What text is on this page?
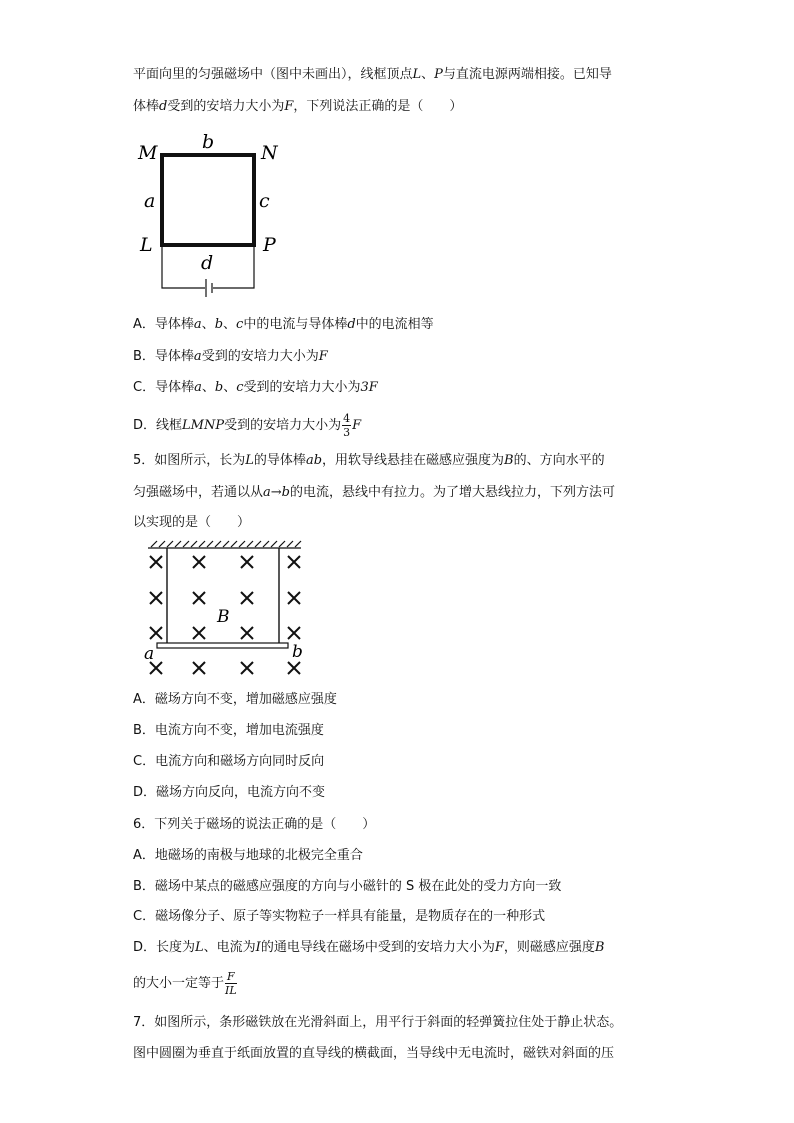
平面向里的匀强磁场中（图中未画出），线框顶点L、P与直流电源两端相接。已知导
体棒d受到的安培力大小为F，下列说法正确的是（　　）
M	N
L	P
b
a	c
d
A．导体棒a、b、c中的电流与导体棒d中的电流相等
B．导体棒a受到的安培力大小为F
C．导体棒a、b、c受到的安培力大小为3F
D．线框LMNP受到的安培力大小为 $\frac{4}{3}$ F
5．如图所示，长为L的导体棒ab，用软导线悬挂在磁感应强度为B的、方向水平的
匀强磁场中，若通以从a→b的电流，悬线中有拉力。为了增大悬线拉力，下列方法可
以实现的是（　　）
B
a	b
A．磁场方向不变，增加磁感应强度
B．电流方向不变，增加电流强度
C．电流方向和磁场方向同时反向
D．磁场方向反向，电流方向不变
6．下列关于磁场的说法正确的是（　　）
A．地磁场的南极与地球的北极完全重合
B．磁场中某点的磁感应强度的方向与小磁针的 S 极在此处的受力方向一致
C．磁场像分子、原子等实物粒子一样具有能量，是物质存在的一种形式
D．长度为L、电流为I的通电导线在磁场中受到的安培力大小为F，则磁感应强度B
的大小一定等于 $\frac{F}{IL}$
7．如图所示，条形磁铁放在光滑斜面上，用平行于斜面的轻弹簧拉住处于静止状态。
图中圆圈为垂直于纸面放置的直导线的横截面，当导线中无电流时，磁铁对斜面的压
